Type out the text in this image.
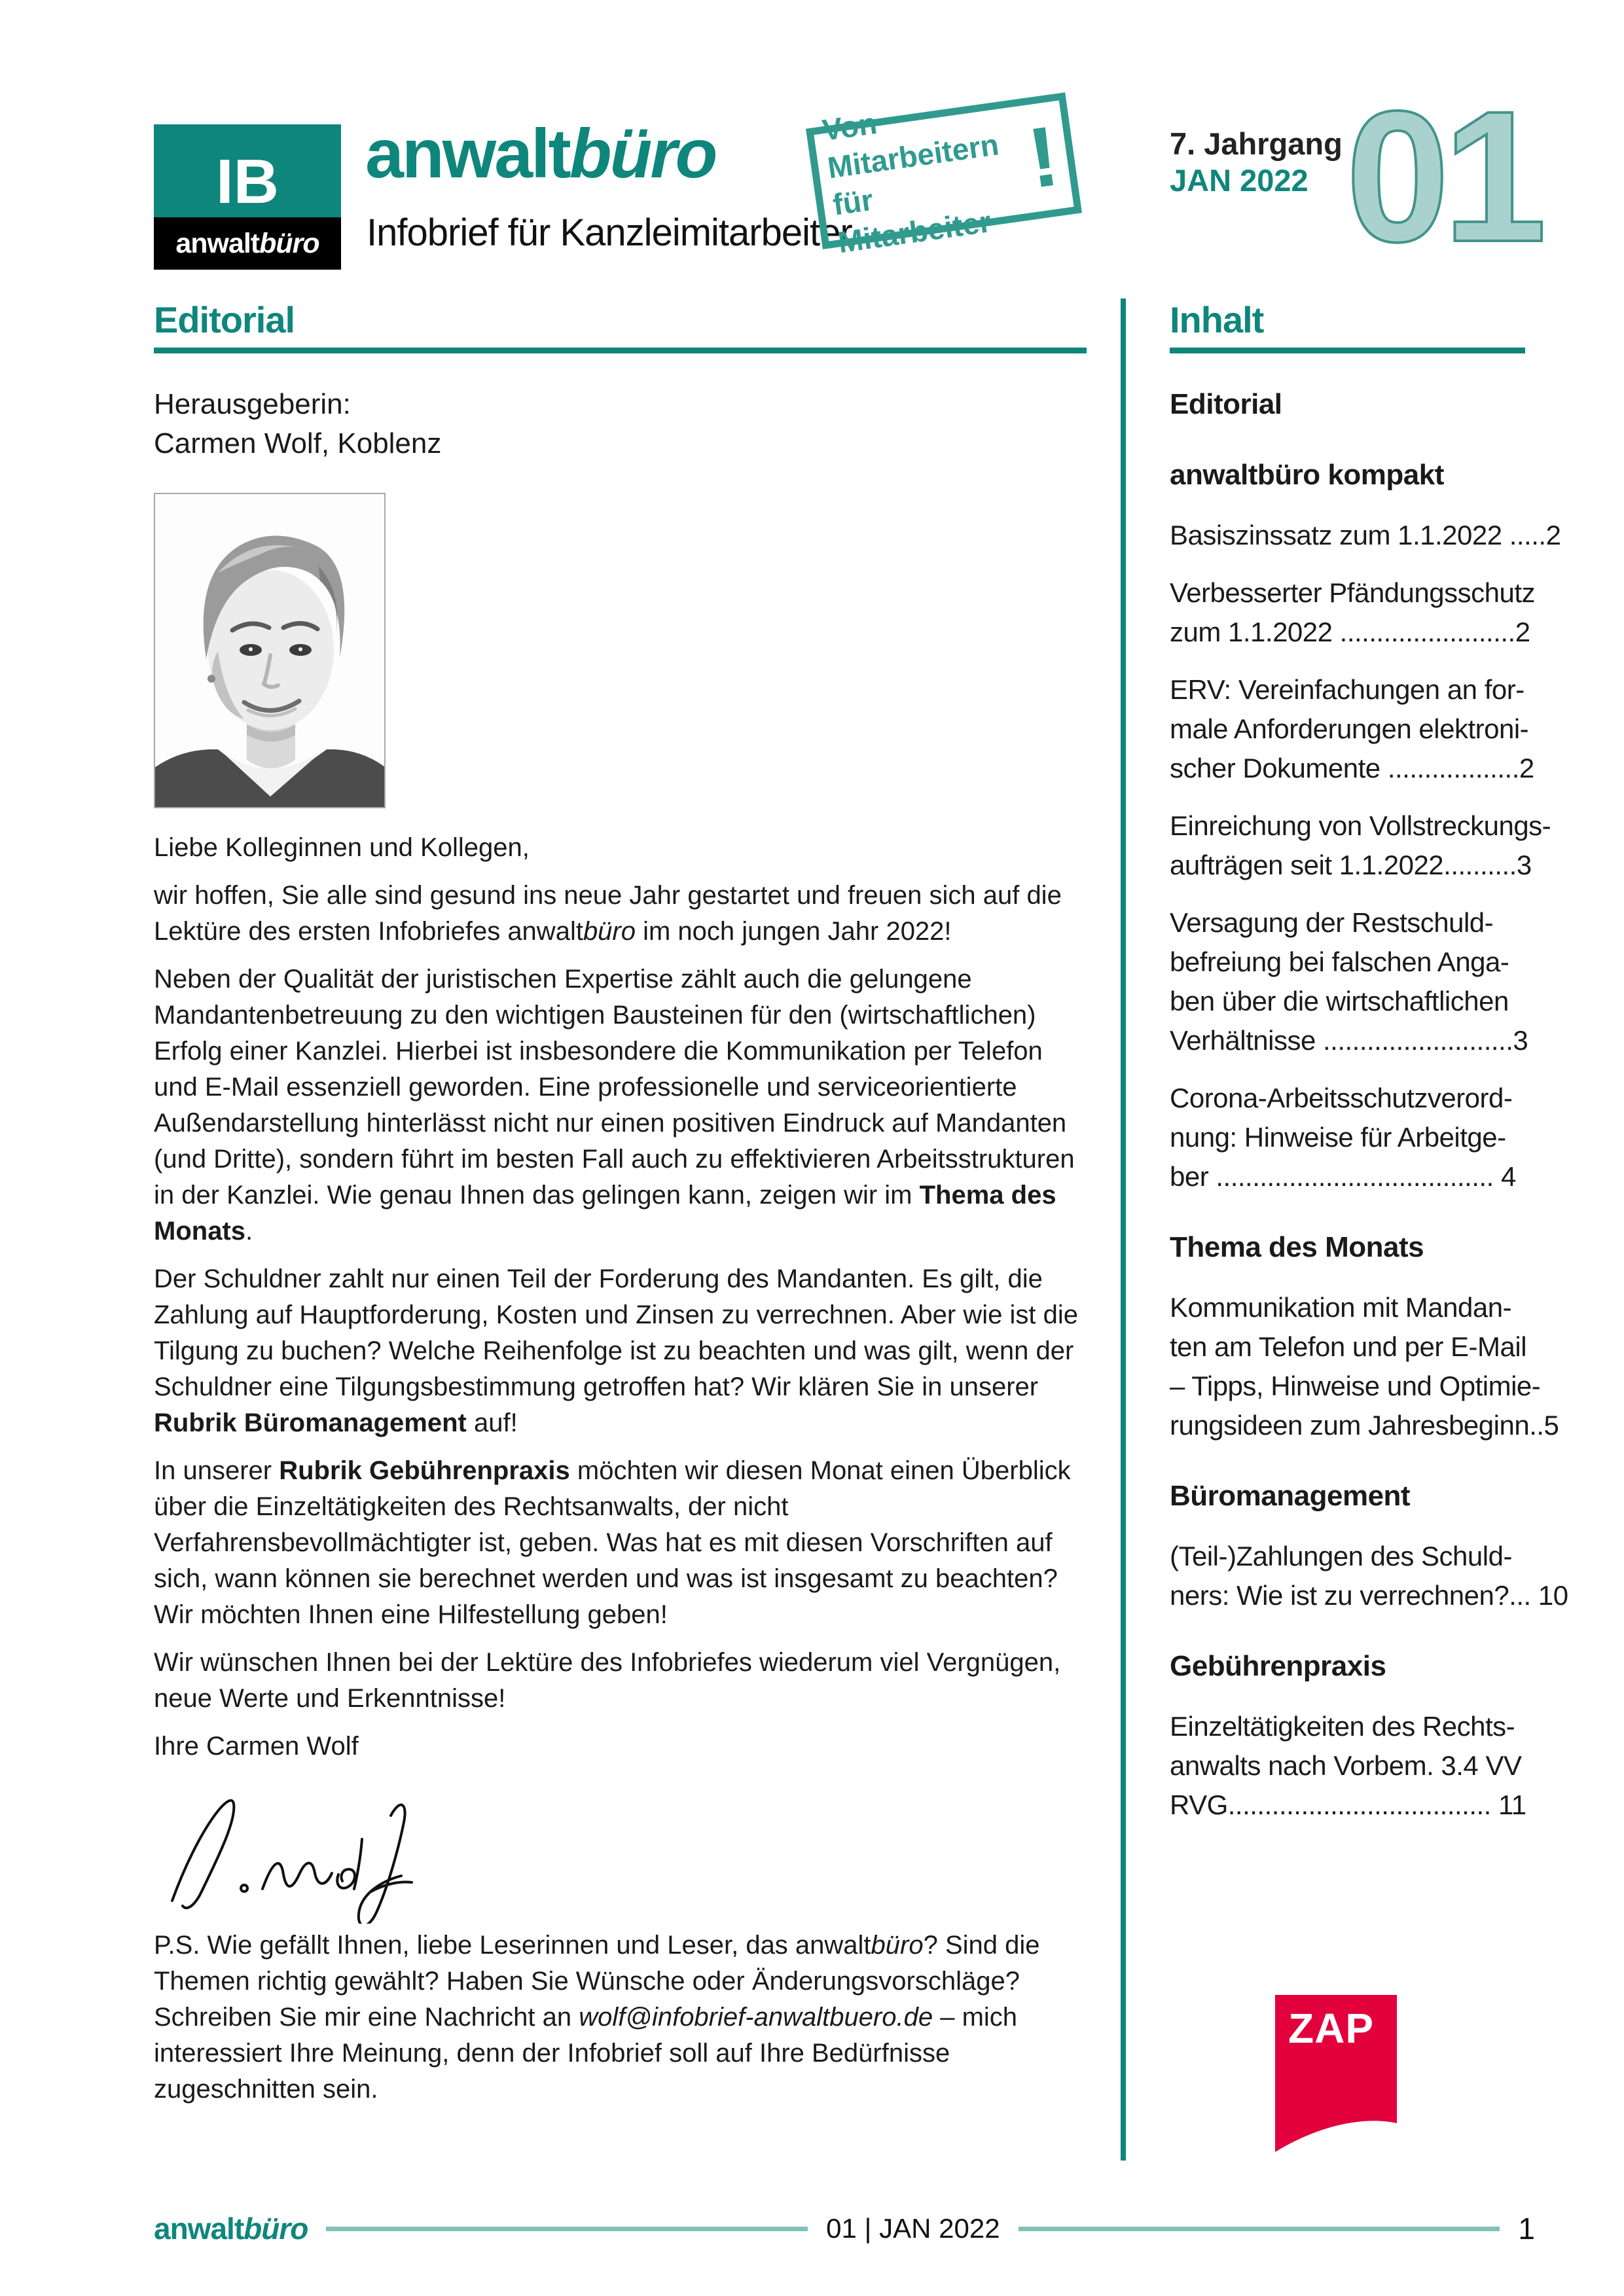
IB
anwaltbüro
anwaltbüro
Infobrief für Kanzleimitarbeiter
Von Mitarbeitern
für Mitarbeiter
!	7. Jahrgang
JAN 2022 01
Editorial	Inhalt
Herausgeberin:
Carmen Wolf, Koblenz

Liebe Kolleginnen und Kollegen,

wir hoffen, Sie alle sind gesund ins neue Jahr gestartet und freuen sich auf die Lektüre des ersten Infobriefes anwaltbüro im noch jungen Jahr 2022!

Neben der Qualität der juristischen Expertise zählt auch die gelungene Mandantenbetreuung zu den wichtigen Bausteinen für den (wirtschaftlichen) Erfolg einer Kanzlei. Hierbei ist insbesondere die Kommunikation per Telefon und E-Mail essenziell geworden. Eine professionelle und serviceorientierte Außendarstellung hinterlässt nicht nur einen positiven Eindruck auf Mandanten (und Dritte), sondern führt im besten Fall auch zu effektivieren Arbeitsstrukturen in der Kanzlei. Wie genau Ihnen das gelingen kann, zeigen wir im Thema des Monats.

Der Schuldner zahlt nur einen Teil der Forderung des Mandanten. Es gilt, die Zahlung auf Hauptforderung, Kosten und Zinsen zu verrechnen. Aber wie ist die Tilgung zu buchen? Welche Reihenfolge ist zu beachten und was gilt, wenn der Schuldner eine Tilgungsbestimmung getroffen hat? Wir klären Sie in unserer Rubrik Büromanagement auf!

In unserer Rubrik Gebührenpraxis möchten wir diesen Monat einen Überblick über die Einzeltätigkeiten des Rechtsanwalts, der nicht Verfahrensbevollmächtigter ist, geben. Was hat es mit diesen Vorschriften auf sich, wann können sie berechnet werden und was ist insgesamt zu beachten? Wir möchten Ihnen eine Hilfestellung geben!

Wir wünschen Ihnen bei der Lektüre des Infobriefes wiederum viel Vergnügen, neue Werte und Erkenntnisse!

Ihre Carmen Wolf

P.S. Wie gefällt Ihnen, liebe Leserinnen und Leser, das anwaltbüro? Sind die Themen richtig gewählt? Haben Sie Wünsche oder Änderungsvorschläge? Schreiben Sie mir eine Nachricht an wolf@infobrief-anwaltbuero.de – mich interessiert Ihre Meinung, denn der Infobrief soll auf Ihre Bedürfnisse zugeschnitten sein.

Editorial
anwaltbüro kompakt

Basiszinssatz zum 1.1.2022 .....2

Verbesserter Pfändungsschutz
zum 1.1.2022 ........................2

ERV: Vereinfachungen an for-
male Anforderungen elektroni-
scher Dokumente ..................2

Einreichung von Vollstreckungs-
aufträgen seit 1.1.2022..........3

Versagung der Restschuld-
befreiung bei falschen Anga-
ben über die wirtschaftlichen
Verhältnisse ..........................3

Corona-Arbeitsschutzverord-
nung: Hinweise für Arbeitge-
ber ...................................... 4

Thema des Monats

Kommunikation mit Mandan-
ten am Telefon und per E-Mail
– Tipps, Hinweise und Optimie-
rungsideen zum Jahresbeginn..5

Büromanagement

(Teil-)Zahlungen des Schuld-
ners: Wie ist zu verrechnen?... 10

Gebührenpraxis

Einzeltätigkeiten des Rechts-
anwalts nach Vorbem. 3.4 VV
RVG.................................... 11

ZAP
anwaltbüro	01 | JAN 2022	1
